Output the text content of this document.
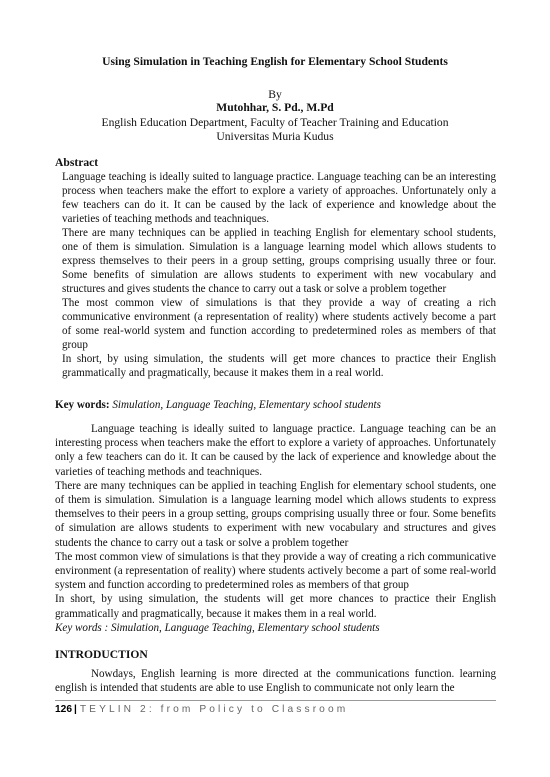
Using Simulation in Teaching English for Elementary School Students
By
Mutohhar, S. Pd., M.Pd
English Education Department, Faculty of Teacher Training and Education
Universitas Muria Kudus
Abstract

Language teaching is ideally suited to language practice. Language teaching can be an interesting process when teachers make the effort to explore a variety of approaches. Unfortunately only a few teachers can do it. It can be caused by the lack of experience and knowledge about the varieties of teaching methods and teachniques.

There are many techniques can be applied in teaching English for elementary school students, one of them is simulation. Simulation is a language learning model which allows students to express themselves to their peers in a group setting, groups comprising usually three or four. Some benefits of simulation are allows students to experiment with new vocabulary and structures and gives students the chance to carry out a task or solve a problem together

The most common view of simulations is that they provide a way of creating a rich communicative environment (a representation of reality) where students actively become a part of some real-world system and function according to predetermined roles as members of that group

In short, by using simulation, the students will get more chances to practice their English grammatically and pragmatically, because it makes them in a real world.

Key words: Simulation, Language Teaching, Elementary school students

Language teaching is ideally suited to language practice. Language teaching can be an interesting process when teachers make the effort to explore a variety of approaches. Unfortunately only a few teachers can do it. It can be caused by the lack of experience and knowledge about the varieties of teaching methods and teachniques.

There are many techniques can be applied in teaching English for elementary school students, one of them is simulation. Simulation is a language learning model which allows students to express themselves to their peers in a group setting, groups comprising usually three or four. Some benefits of simulation are allows students to experiment with new vocabulary and structures and gives students the chance to carry out a task or solve a problem together

The most common view of simulations is that they provide a way of creating a rich communicative environment (a representation of reality) where students actively become a part of some real-world system and function according to predetermined roles as members of that group

In short, by using simulation, the students will get more chances to practice their English grammatically and pragmatically, because it makes them in a real world.

Key words : Simulation, Language Teaching, Elementary school students

INTRODUCTION

Nowdays, English learning is more directed at the communications function. learning english is intended that students are able to use English to communicate not only learn the

126 | TEYLIN 2: from Policy to Classroom
